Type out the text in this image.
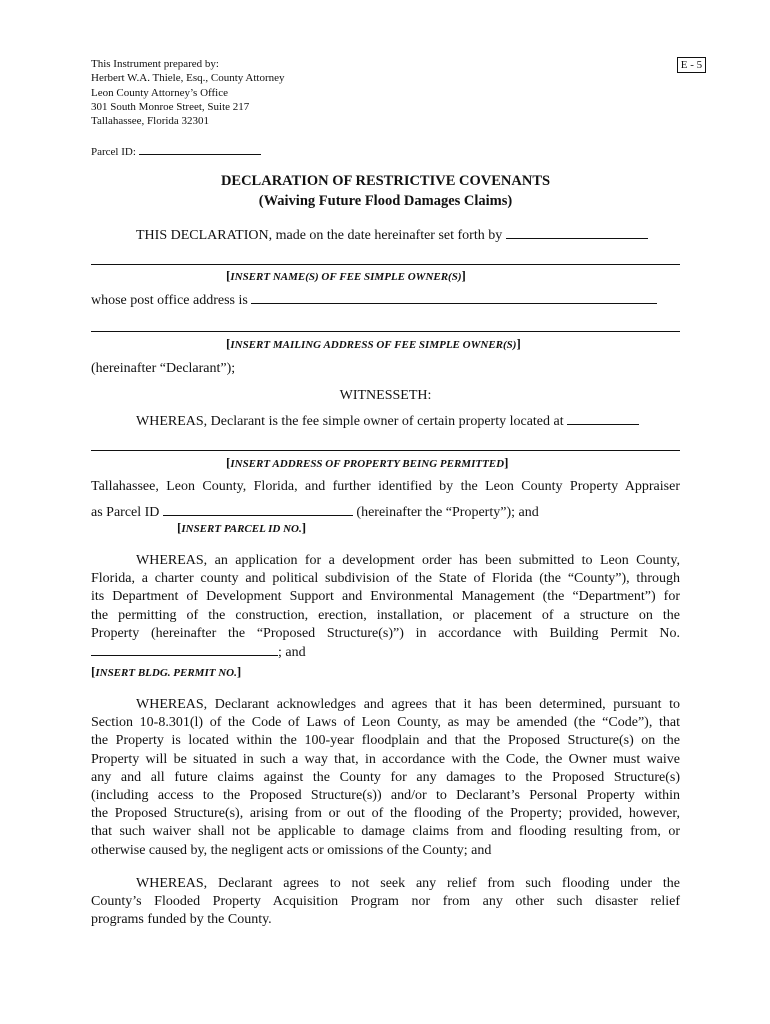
This Instrument prepared by:
Herbert W.A. Thiele, Esq., County Attorney
Leon County Attorney’s Office
301 South Monroe Street, Suite 217
Tallahassee, Florida 32301
E - 5
Parcel ID:
DECLARATION OF RESTRICTIVE COVENANTS
(Waiving Future Flood Damages Claims)
THIS DECLARATION, made on the date hereinafter set forth by
[INSERT NAME(S) OF FEE SIMPLE OWNER(S)]
whose post office address is
[INSERT MAILING ADDRESS OF FEE SIMPLE OWNER(S)]
(hereinafter “Declarant”);
WITNESSETH:
WHEREAS, Declarant is the fee simple owner of certain property located at
[INSERT ADDRESS OF PROPERTY BEING PERMITTED]
Tallahassee, Leon County, Florida, and further identified by the Leon County Property Appraiser
as Parcel ID	(hereinafter the “Property”); and
[INSERT PARCEL ID NO.]
WHEREAS, an application for a development order has been submitted to Leon County,
Florida, a charter county and political subdivision of the State of Florida (the “County”), through
its Department of Development Support and Environmental Management (the “Department”) for
the permitting of the construction, erection, installation, or placement of a structure on the
Property (hereinafter the “Proposed Structure(s)”) in accordance with Building Permit No.
; and
[INSERT BLDG. PERMIT NO.]
WHEREAS, Declarant acknowledges and agrees that it has been determined, pursuant to
Section 10-8.301(l) of the Code of Laws of Leon County, as may be amended (the “Code”), that
the Property is located within the 100-year floodplain and that the Proposed Structure(s) on the
Property will be situated in such a way that, in accordance with the Code, the Owner must waive
any and all future claims against the County for any damages to the Proposed Structure(s)
(including access to the Proposed Structure(s)) and/or to Declarant’s Personal Property within
the Proposed Structure(s), arising from or out of the flooding of the Property; provided, however,
that such waiver shall not be applicable to damage claims from and flooding resulting from, or
otherwise caused by, the negligent acts or omissions of the County; and
WHEREAS, Declarant agrees to not seek any relief from such flooding under the
County’s Flooded Property Acquisition Program nor from any other such disaster relief
programs funded by the County.
